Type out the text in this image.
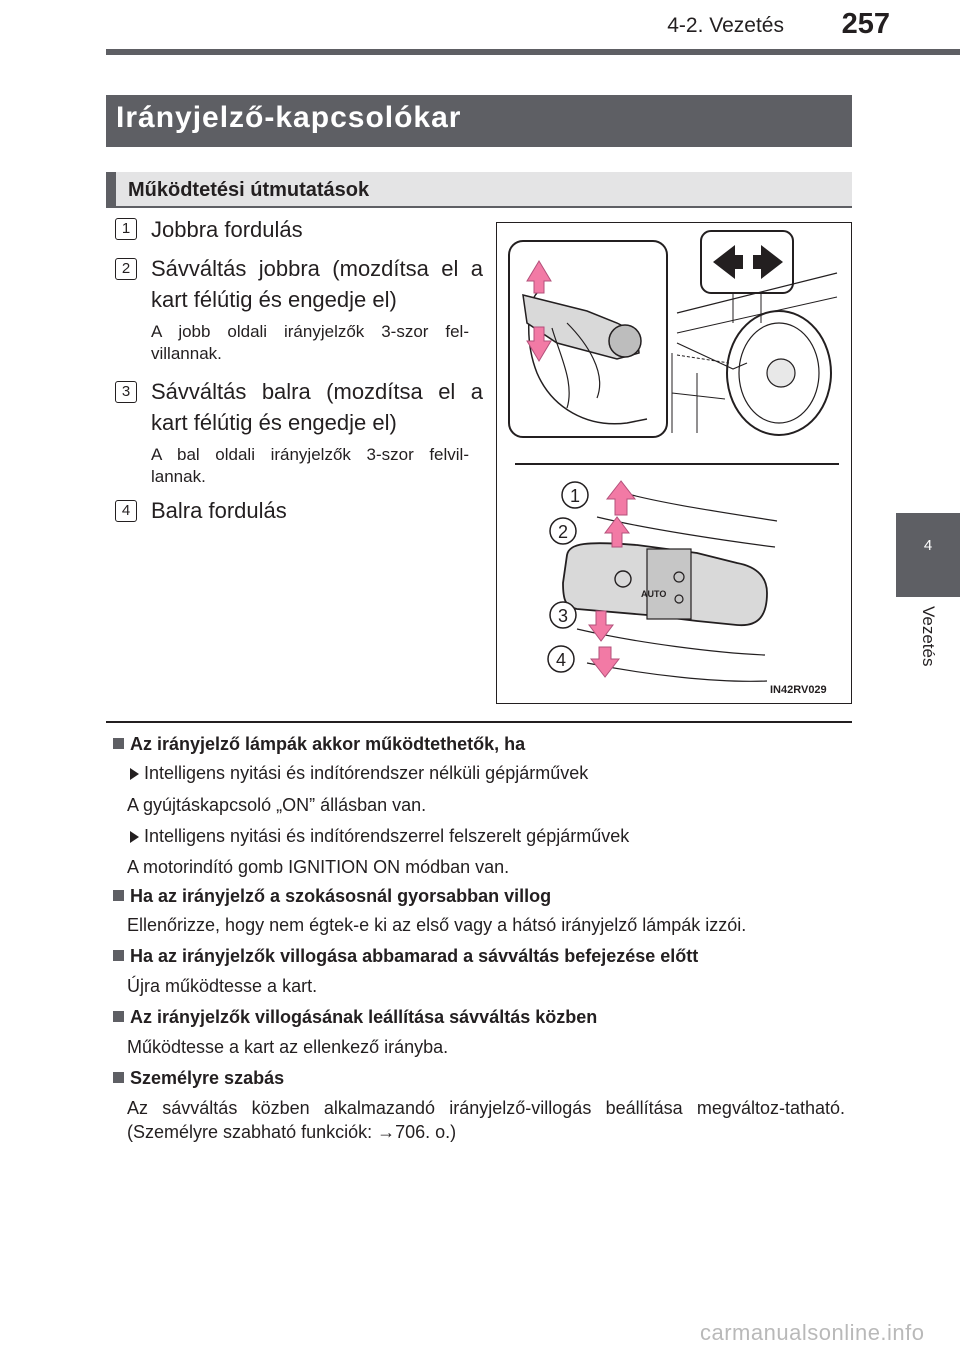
4-2. Vezetés	257
4
Vezetés
Irányjelző-kapcsolókar
Működtetési útmutatások
1 Jobbra fordulás
2 Sávváltás jobbra (mozdítsa el a kart félútig és engedje el)
A jobb oldali irányjelzők 3-szor fel-villannak.
3 Sávváltás balra (mozdítsa el a kart félútig és engedje el)
A bal oldali irányjelzők 3-szor felvil-lannak.
4 Balra fordulás
AUTO
1
2
3
4
IN42RV029
Az irányjelző lámpák akkor működtethetők, ha
Intelligens nyitási és indítórendszer nélküli gépjárművek
A gyújtáskapcsoló „ON” állásban van.
Intelligens nyitási és indítórendszerrel felszerelt gépjárművek
A motorindító gomb IGNITION ON módban van.
Ha az irányjelző a szokásosnál gyorsabban villog
Ellenőrizze, hogy nem égtek-e ki az első vagy a hátsó irányjelző lámpák izzói.
Ha az irányjelzők villogása abbamarad a sávváltás befejezése előtt
Újra működtesse a kart.
Az irányjelzők villogásának leállítása sávváltás közben
Működtesse a kart az ellenkező irányba.
Személyre szabás
Az sávváltás közben alkalmazandó irányjelző-villogás beállítása megváltoz-tatható. (Személyre szabható funkciók: →706. o.)
carmanualsonline.info
